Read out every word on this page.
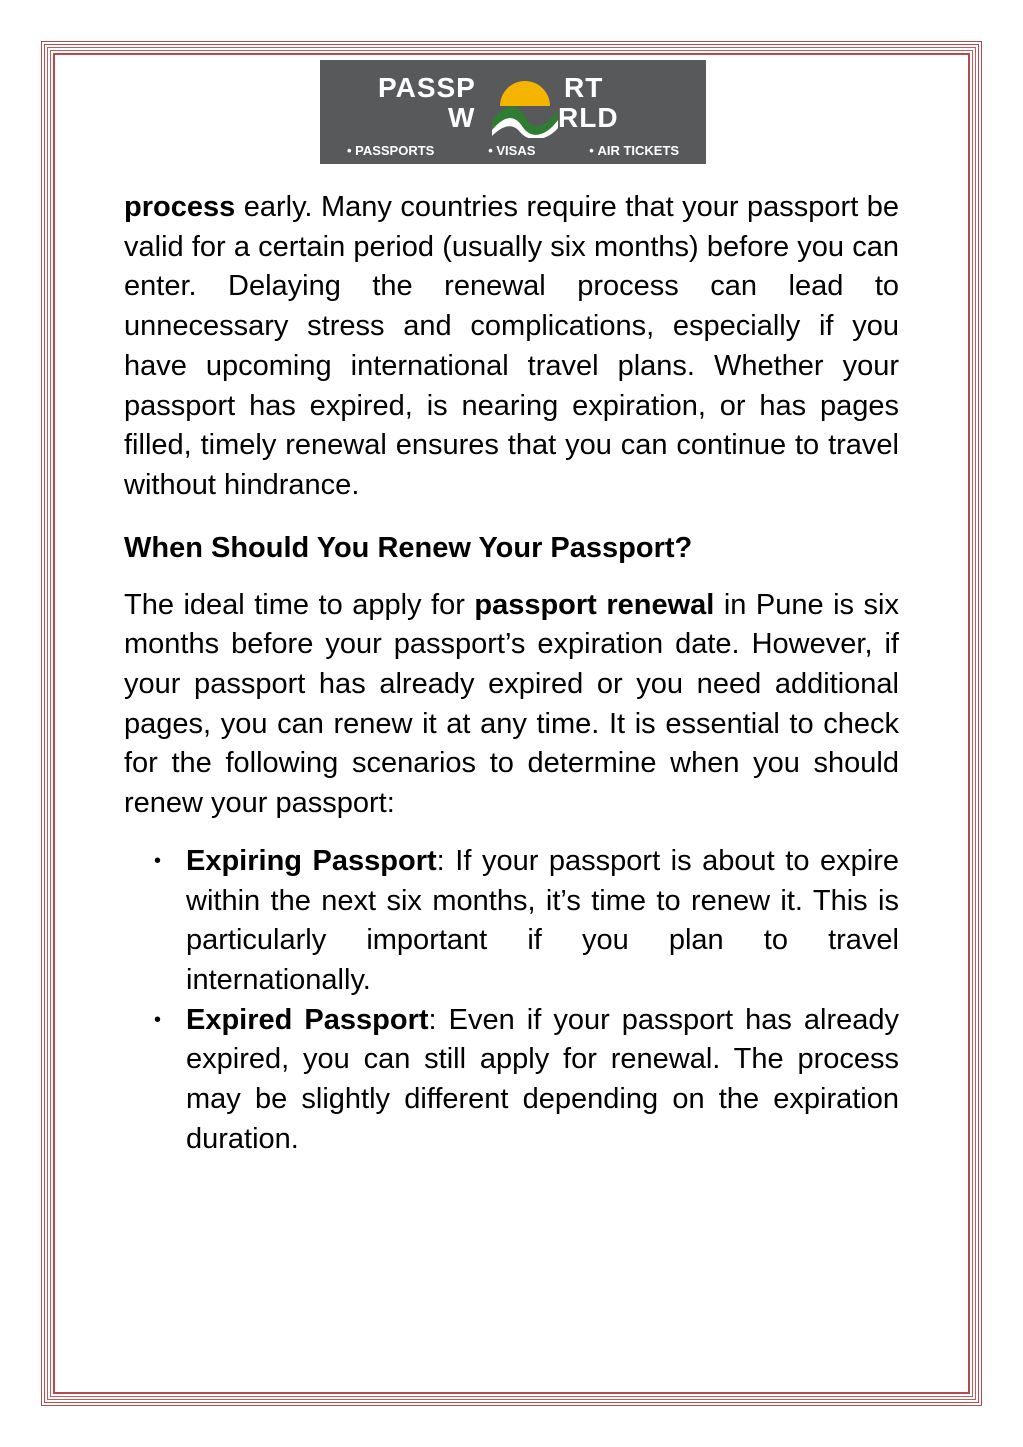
PASSP	RT
W	RLD
• PASSPORTS	• VISAS	• AIR TICKETS

process early. Many countries require that your passport be valid for a certain period (usually six months) before you can enter. Delaying the renewal process can lead to unnecessary stress and complications, especially if you have upcoming international travel plans. Whether your passport has expired, is nearing expiration, or has pages filled, timely renewal ensures that you can continue to travel without hindrance.

When Should You Renew Your Passport?

The ideal time to apply for passport renewal in Pune is six months before your passport’s expiration date. However, if your passport has already expired or you need additional pages, you can renew it at any time. It is essential to check for the following scenarios to determine when you should renew your passport:

• Expiring Passport: If your passport is about to expire within the next six months, it’s time to renew it. This is particularly important if you plan to travel internationally.
• Expired Passport: Even if your passport has already expired, you can still apply for renewal. The process may be slightly different depending on the expiration duration.
